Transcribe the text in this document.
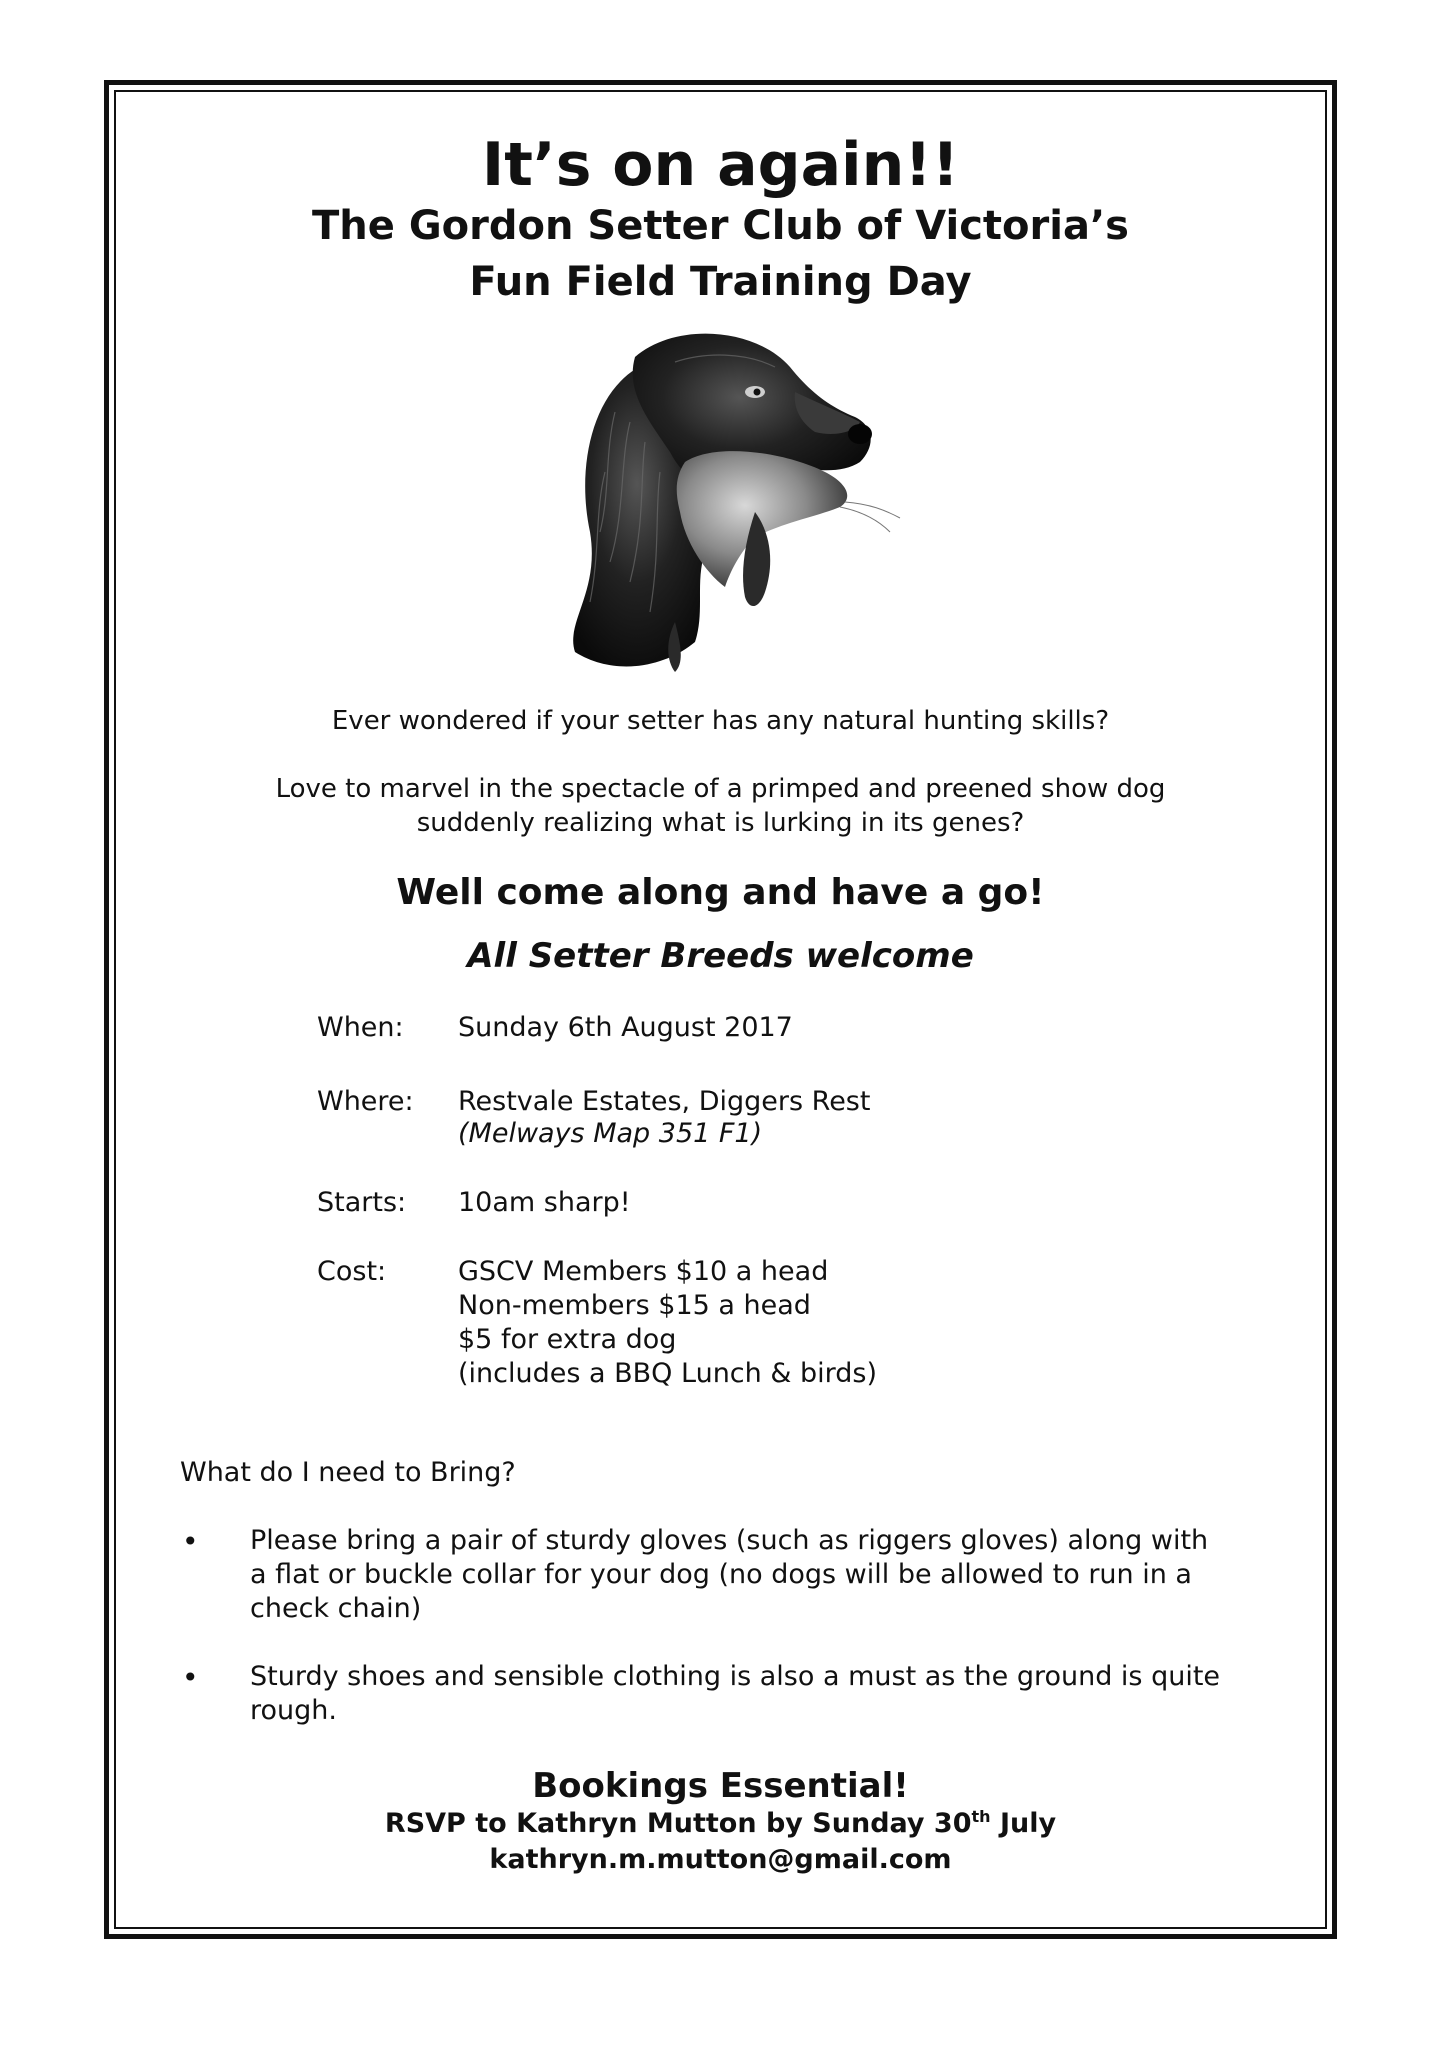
It’s on again!!
The Gordon Setter Club of Victoria’s
Fun Field Training Day
Ever wondered if your setter has any natural hunting skills?
Love to marvel in the spectacle of a primped and preened show dog
suddenly realizing what is lurking in its genes?
Well come along and have a go!
All Setter Breeds welcome
When: Sunday 6th August 2017
Where: Restvale Estates, Diggers Rest
(Melways Map 351 F1)
Starts: 10am sharp!
Cost:	GSCV Members $10 a head
Non-members $15 a head
$5 for extra dog
(includes a BBQ Lunch & birds)
What do I need to Bring?
• Please bring a pair of sturdy gloves (such as riggers gloves) along with
a flat or buckle collar for your dog (no dogs will be allowed to run in a
check chain)
• Sturdy shoes and sensible clothing is also a must as the ground is quite
rough.
Bookings Essential!
RSVP to Kathryn Mutton by Sunday 30th July
kathryn.m.mutton@gmail.com
